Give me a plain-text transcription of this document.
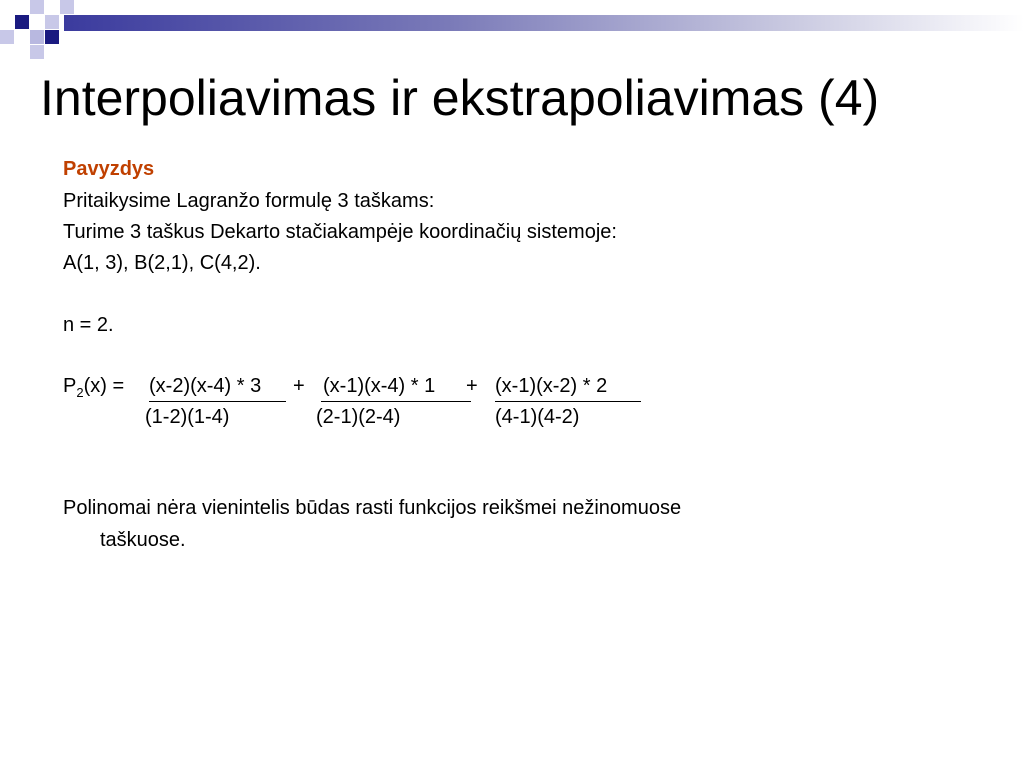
Interpoliavimas ir ekstrapoliavimas (4)
Pavyzdys
Pritaikysime Lagranžo formulę 3 taškams:
Turime 3 taškus Dekarto stačiakampėje koordinačių sistemoje:
A(1, 3), B(2,1), C(4,2).
n = 2.
$P_2(x) = (x-2)(x-4) * 3 + (x-1)(x-4) * 1 + (x-1)(x-2) * 2$
(1-2)(1-4)	(2-1)(2-4)	(4-1)(4-2)
Polinomai nėra vienintelis būdas rasti funkcijos reikšmei nežinomuose
taškuose.
